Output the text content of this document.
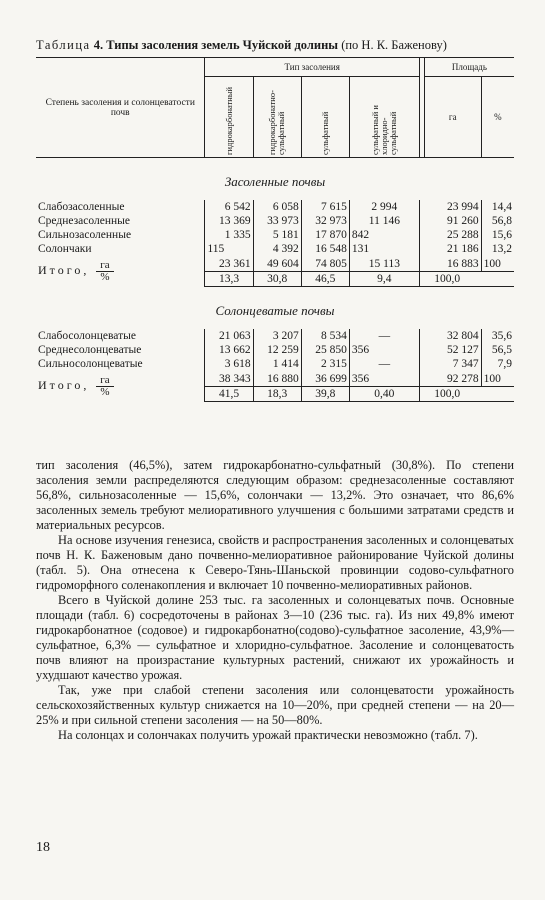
Таблица 4. Типы засоления земель Чуйской долины (по Н. К. Баженову)

Степень засоления и солонцеватости почв	Тип засоления					Площадь	

	гидрокарбонатный	гидрокарбонатно-сульфатный	сульфатный	сульфатный и хлоридно-сульфатный		га	%
Засоленные почвы							
Слабозасоленные	6 542	6 058	7 615	2 994		23 994	14,4
Среднезасоленные	13 369	33 973	32 973	11 146		91 260	56,8
Сильнозасоленные	1 335	5 181	17 870	842		25 288	15,6
Солончаки	115	4 392	16 548	131		21 186	13,2
Итого, $\frac{га}{\%}$	23 361	49 604	74 805	15 113		16 883	100
	13,3	30,8	46,5	9,4		100,0	
Солонцеватые почвы							
Слабосолонцеватые	21 063	3 207	8 534	—		32 804	35,6
Среднесолонцеватые	13 662	12 259	25 850	356		52 127	56,5
Сильносолонцеватые	3 618	1 414	2 315	—		7 347	7,9
Итого, $\frac{га}{\%}$	38 343	16 880	36 699	356		92 278	100
	41,5	18,3	39,8	0,40		100,0	

тип засоления (46,5%), затем гидрокарбонатно-сульфатный (30,8%). По степени засоления земли распределяются следующим образом: среднезасоленные составляют 56,8%, сильнозасоленные — 15,6%, солончаки — 13,2%. Это означает, что 86,6% засоленных земель требуют мелиоративного улучшения с большими затратами средств и материальных ресурсов.

На основе изучения генезиса, свойств и распространения засоленных и солонцеватых почв Н. К. Баженовым дано почвенно-мелиоративное районирование Чуйской долины (табл. 5). Она отнесена к Северо-Тянь-Шаньской провинции содово-сульфатного гидроморфного соленакопления и включает 10 почвенно-мелиоративных районов.

Всего в Чуйской долине 253 тыс. га засоленных и солонцеватых почв. Основные площади (табл. 6) сосредоточены в районах 3—10 (236 тыс. га). Из них 49,8% имеют гидрокарбонатное (содовое) и гидрокарбонатно(содово)-сульфатное засоление, 43,9%—сульфатное, 6,3% — сульфатное и хлоридно-сульфатное. Засоление и солонцеватость почв влияют на произрастание культурных растений, снижают их урожайность и ухудшают качество урожая.

Так, уже при слабой степени засоления или солонцеватости урожайность сельскохозяйственных культур снижается на 10—20%, при средней степени — на 20—25% и при сильной степени засоления — на 50—80%.

На солонцах и солончаках получить урожай практически невозможно (табл. 7).

18
